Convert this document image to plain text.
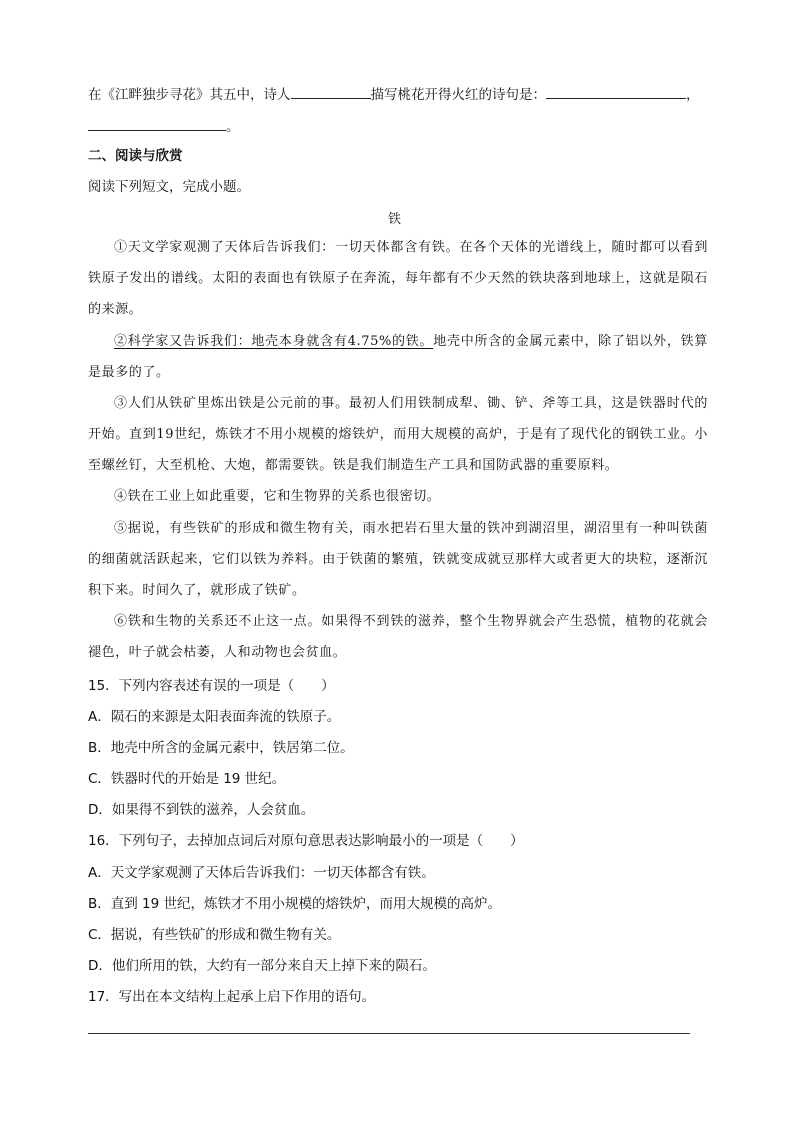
在《江畔独步寻花》其五中，诗人	描写桃花开得火红的诗句是：	，
。
二、阅读与欣赏
阅读下列短文，完成小题。
铁
①天文学家观测了天体后告诉我们：一切天体都含有铁。在各个天体的光谱线上，随时都可以看到铁原子发出的谱线。太阳的表面也有铁原子在奔流，每年都有不少天然的铁块落到地球上，这就是陨石的来源。
②科学家又告诉我们：地壳本身就含有4.75%的铁。地壳中所含的金属元素中，除了铝以外，铁算是最多的了。
③人们从铁矿里炼出铁是公元前的事。最初人们用铁制成犁、锄、铲、斧等工具，这是铁器时代的开始。直到19世纪，炼铁才不用小规模的熔铁炉，而用大规模的高炉，于是有了现代化的钢铁工业。小至螺丝钉，大至机枪、大炮，都需要铁。铁是我们制造生产工具和国防武器的重要原料。
④铁在工业上如此重要，它和生物界的关系也很密切。
⑤据说，有些铁矿的形成和微生物有关，雨水把岩石里大量的铁冲到湖沼里，湖沼里有一种叫铁菌的细菌就活跃起来，它们以铁为养料。由于铁菌的繁殖，铁就变成就豆那样大或者更大的块粒，逐渐沉积下来。时间久了，就形成了铁矿。
⑥铁和生物的关系还不止这一点。如果得不到铁的滋养，整个生物界就会产生恐慌，植物的花就会褪色，叶子就会枯萎，人和动物也会贫血。
15．下列内容表述有误的一项是（　　）
A．陨石的来源是太阳表面奔流的铁原子。
B．地壳中所含的金属元素中，铁居第二位。
C．铁器时代的开始是 19 世纪。
D．如果得不到铁的滋养，人会贫血。
16．下列句子，去掉加点词后对原句意思表达影响最小的一项是（　　）
A．天文学家观测了天体后告诉我们：一切天体都含有铁。
B．直到 19 世纪，炼铁才不用小规模的熔铁炉，而用大规模的高炉。
C．据说，有些铁矿的形成和微生物有关。
D．他们所用的铁，大约有一部分来自天上掉下来的陨石。
17．写出在本文结构上起承上启下作用的语句。
